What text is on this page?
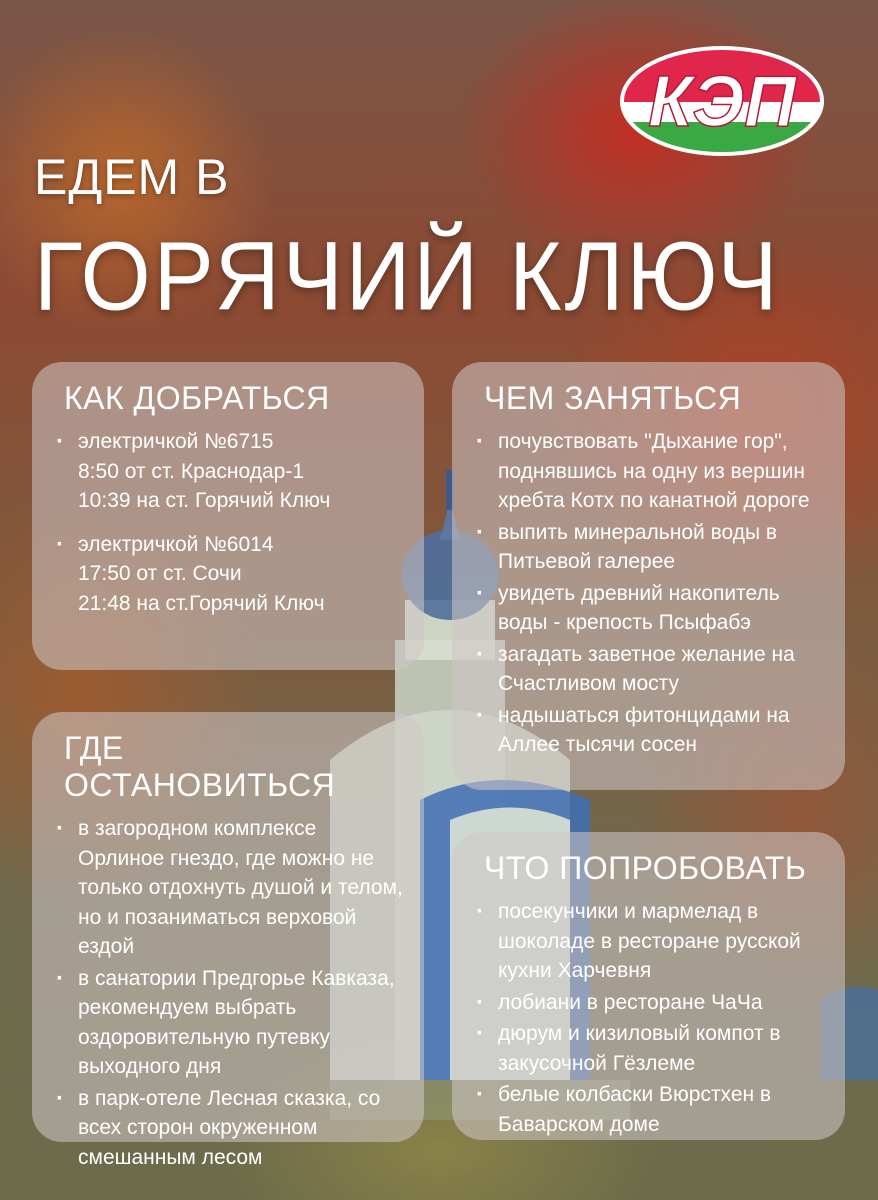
КЭП
ЕДЕМ В
ГОРЯЧИЙ КЛЮЧ
КАК ДОБРАТЬСЯ
· электричкой №6715
8:50 от ст. Краснодар-1
10:39 на ст. Горячий Ключ
· электричкой №6014
17:50 от ст. Сочи
21:48 на ст.Горячий Ключ
ЧЕМ ЗАНЯТЬСЯ
· почувствовать "Дыхание гор", поднявшись на одну из вершин хребта Котх по канатной дороге
· выпить минеральной воды в Питьевой галерее
· увидеть древний накопитель воды - крепость Псыфабэ
· загадать заветное желание на Счастливом мосту
· надышаться фитонцидами на Аллее тысячи сосен
ГДЕ ОСТАНОВИТЬСЯ
· в загородном комплексе Орлиное гнездо, где можно не только отдохнуть душой и телом, но и позаниматься верховой ездой
· в санатории Предгорье Кавказа, рекомендуем выбрать оздоровительную путевку выходного дня
· в парк-отеле Лесная сказка, со всех сторон окруженном смешанным лесом
ЧТО ПОПРОБОВАТЬ
· посекунчики и мармелад в шоколаде в ресторане русской кухни Харчевня
· лобиани в ресторане ЧаЧа
· дюрум и кизиловый компот в закусочной Гёзлеме
· белые колбаски Вюрстхен в Баварском доме
